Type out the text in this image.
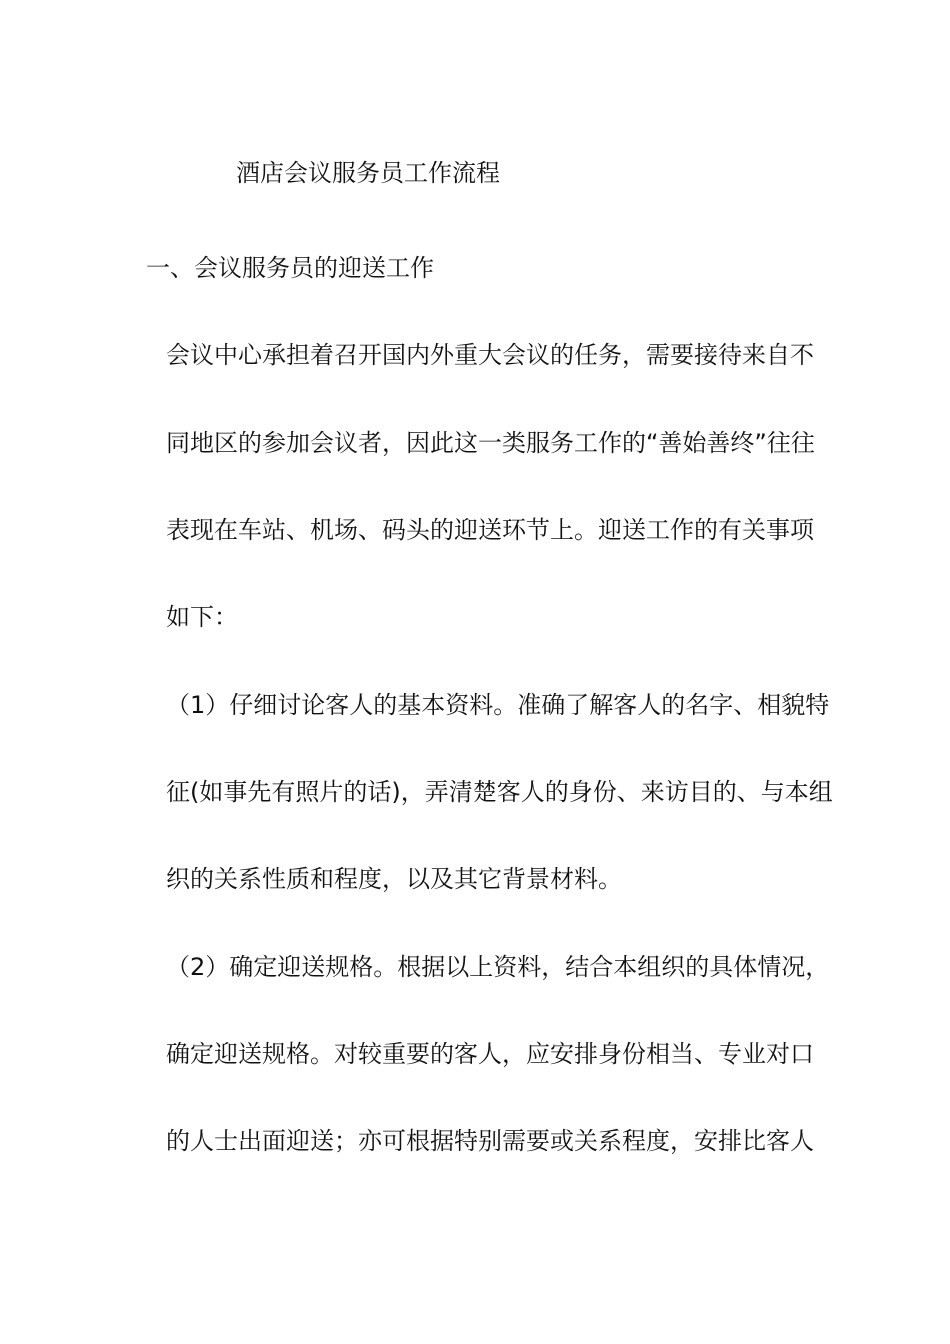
酒店会议服务员工作流程
一、会议服务员的迎送工作
会议中心承担着召开国内外重大会议的任务，需要接待来自不
同地区的参加会议者，因此这一类服务工作的“善始善终”往往
表现在车站、机场、码头的迎送环节上。迎送工作的有关事项
如下：
（1）仔细讨论客人的基本资料。准确了解客人的名字、相貌特
征(如事先有照片的话)，弄清楚客人的身份、来访目的、与本组
织的关系性质和程度，以及其它背景材料。
（2）确定迎送规格。根据以上资料，结合本组织的具体情况，
确定迎送规格。对较重要的客人，应安排身份相当、专业对口
的人士出面迎送；亦可根据特别需要或关系程度，安排比客人
